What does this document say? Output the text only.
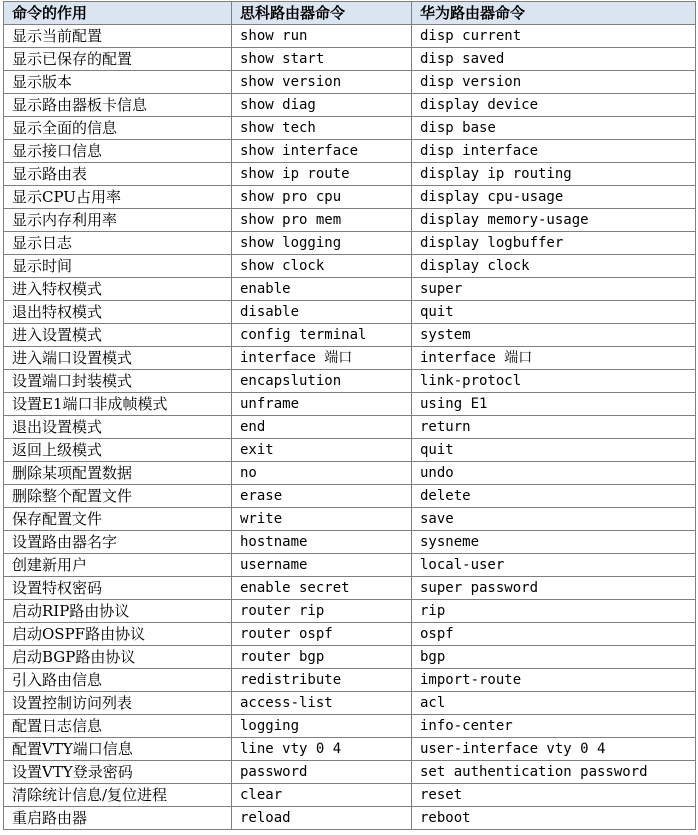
命令的作用	思科路由器命令	华为路由器命令
显示当前配置	show run	disp current
显示已保存的配置	show start	disp saved
显示版本	show version	disp version
显示路由器板卡信息	show diag	display device
显示全面的信息	show tech	disp base
显示接口信息	show interface	disp interface
显示路由表	show ip route	display ip routing
显示CPU占用率	show pro cpu	display cpu-usage
显示内存利用率	show pro mem	display memory-usage
显示日志	show logging	display logbuffer
显示时间	show clock	display clock
进入特权模式	enable	super
退出特权模式	disable	quit
进入设置模式	config terminal	system
进入端口设置模式	interface 端口	interface 端口
设置端口封装模式	encapslution	link-protocl
设置E1端口非成帧模式	unframe	using E1
退出设置模式	end	return
返回上级模式	exit	quit
删除某项配置数据	no	undo
删除整个配置文件	erase	delete
保存配置文件	write	save
设置路由器名字	hostname	sysneme
创建新用户	username	local-user
设置特权密码	enable secret	super password
启动RIP路由协议	router rip	rip
启动OSPF路由协议	router ospf	ospf
启动BGP路由协议	router bgp	bgp
引入路由信息	redistribute	import-route
设置控制访问列表	access-list	acl
配置日志信息	logging	info-center
配置VTY端口信息	line vty 0 4	user-interface vty 0 4
设置VTY登录密码	password	set authentication password
清除统计信息/复位进程	clear	reset
重启路由器	reload	reboot
